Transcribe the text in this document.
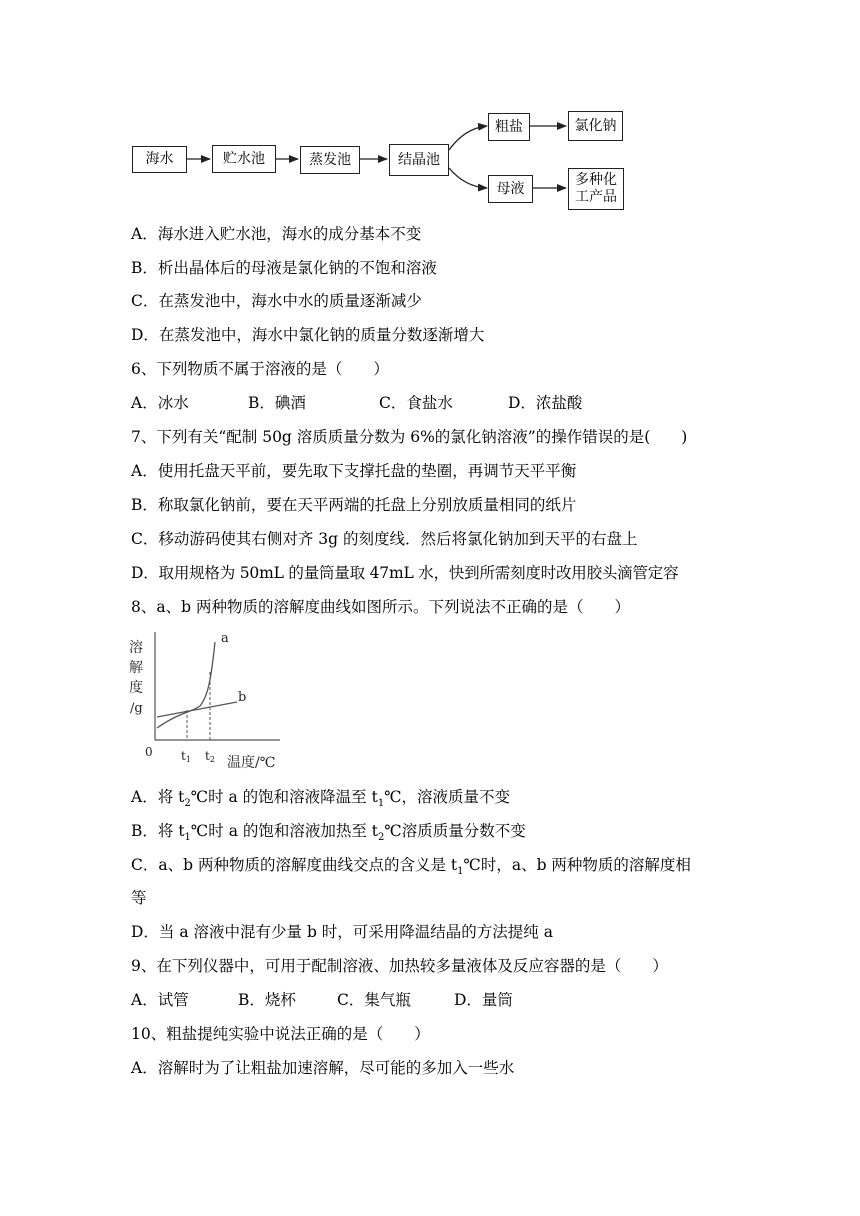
海水	贮水池	蒸发池	结晶池
粗盐	氯化钠
母液
多种化工产品
A．海水进入贮水池，海水的成分基本不变
B．析出晶体后的母液是氯化钠的不饱和溶液
C．在蒸发池中，海水中水的质量逐渐减少
D．在蒸发池中，海水中氯化钠的质量分数逐渐增大
6、下列物质不属于溶液的是（　　）
A．冰水	B．碘酒	C．食盐水	D．浓盐酸
7、下列有关“配制 50g 溶质质量分数为 6%的氯化钠溶液”的操作错误的是(　　)
A．使用托盘天平前，要先取下支撑托盘的垫圈，再调节天平平衡
B．称取氯化钠前，要在天平两端的托盘上分别放质量相同的纸片
C．移动游码使其右侧对齐 3g 的刻度线．然后将氯化钠加到天平的右盘上
D．取用规格为 50mL 的量筒量取 47mL 水，快到所需刻度时改用胶头滴管定容
8、a、b 两种物质的溶解度曲线如图所示。下列说法不正确的是（　　）
溶
解
度
/g
0
a
b
t1 t2 温度/℃
A．将 $t_2℃$时 a 的饱和溶液降温至 $t_1℃$，溶液质量不变
B．将 $t_1℃$时 a 的饱和溶液加热至 $t_2℃$溶质质量分数不变
C．a、b 两种物质的溶解度曲线交点的含义是 $t_1℃$时，a、b 两种物质的溶解度相
等
D．当 a 溶液中混有少量 b 时，可采用降温结晶的方法提纯 a
9、在下列仪器中，可用于配制溶液、加热较多量液体及反应容器的是（　　）
A．试管	B．烧杯	C．集气瓶	D．量筒
10、粗盐提纯实验中说法正确的是（　　）
A．溶解时为了让粗盐加速溶解，尽可能的多加入一些水
